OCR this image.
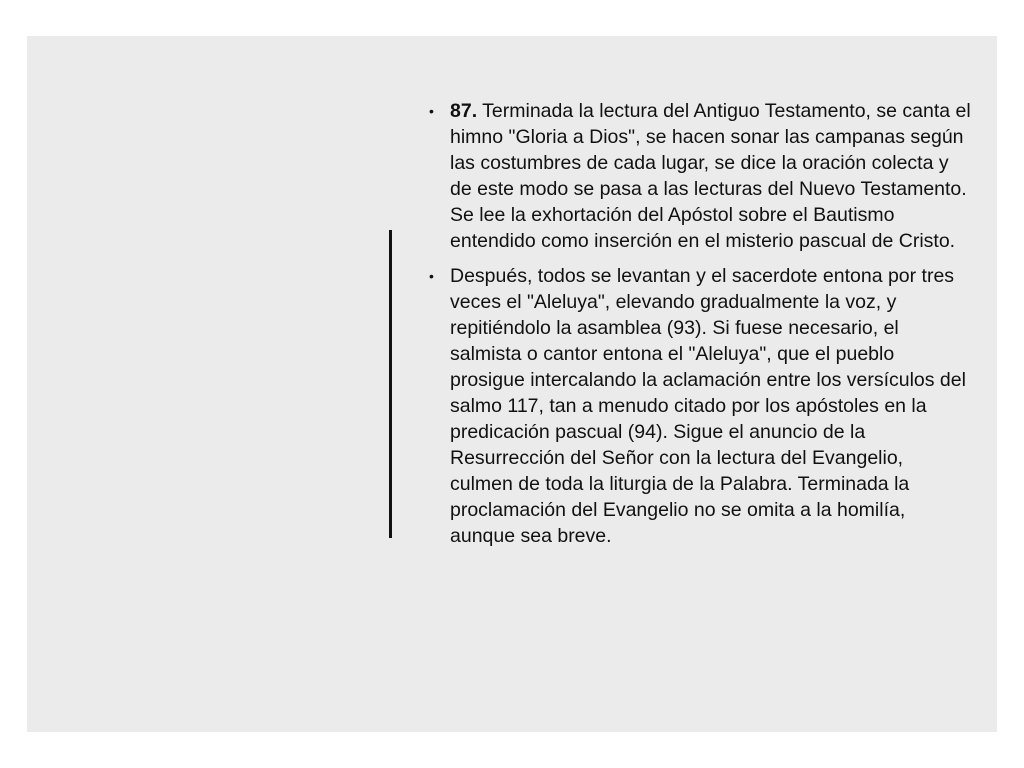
• 87. Terminada la lectura del Antiguo Testamento, se canta el himno "Gloria a Dios", se hacen sonar las campanas según las costumbres de cada lugar, se dice la oración colecta y de este modo se pasa a las lecturas del Nuevo Testamento. Se lee la exhortación del Apóstol sobre el Bautismo entendido como inserción en el misterio pascual de Cristo.
• Después, todos se levantan y el sacerdote entona por tres veces el "Aleluya", elevando gradualmente la voz, y repitiéndolo la asamblea (93). Si fuese necesario, el salmista o cantor entona el "Aleluya", que el pueblo prosigue intercalando la aclamación entre los versículos del salmo 117, tan a menudo citado por los apóstoles en la predicación pascual (94). Sigue el anuncio de la Resurrección del Señor con la lectura del Evangelio, culmen de toda la liturgia de la Palabra. Terminada la proclamación del Evangelio no se omita a la homilía, aunque sea breve.
